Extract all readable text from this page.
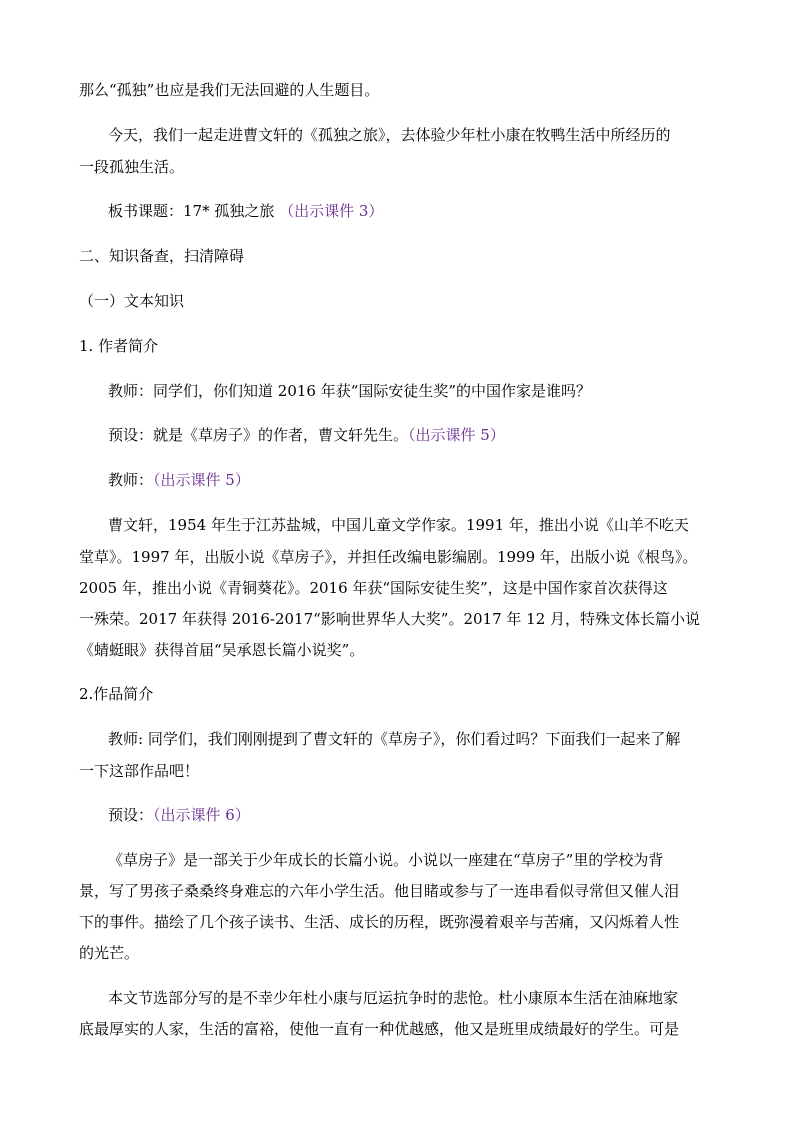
那么“孤独”也应是我们无法回避的人生题目。
今天，我们一起走进曹文轩的《孤独之旅》，去体验少年杜小康在牧鸭生活中所经历的
一段孤独生活。
板书课题：17* 孤独之旅 （出示课件 3）
二、知识备查，扫清障碍
（一）文本知识
1. 作者简介
教师：同学们，你们知道 2016 年获“国际安徒生奖”的中国作家是谁吗？
预设：就是《草房子》的作者，曹文轩先生。（出示课件 5）
教师：（出示课件 5）
曹文轩，1954 年生于江苏盐城，中国儿童文学作家。1991 年，推出小说《山羊不吃天
堂草》。1997 年，出版小说《草房子》，并担任改编电影编剧。1999 年，出版小说《根鸟》。
2005 年，推出小说《青铜葵花》。2016 年获“国际安徒生奖”，这是中国作家首次获得这
一殊荣。2017 年获得 2016-2017“影响世界华人大奖”。2017 年 12 月，特殊文体长篇小说
《蜻蜓眼》获得首届“吴承恩长篇小说奖”。
2.作品简介
教师: 同学们，我们刚刚提到了曹文轩的《草房子》，你们看过吗？下面我们一起来了解
一下这部作品吧！
预设：（出示课件 6）
《草房子》是一部关于少年成长的长篇小说。小说以一座建在“草房子”里的学校为背
景，写了男孩子桑桑终身难忘的六年小学生活。他目睹或参与了一连串看似寻常但又催人泪
下的事件。描绘了几个孩子读书、生活、成长的历程，既弥漫着艰辛与苦痛，又闪烁着人性
的光芒。
本文节选部分写的是不幸少年杜小康与厄运抗争时的悲怆。杜小康原本生活在油麻地家
底最厚实的人家，生活的富裕，使他一直有一种优越感，他又是班里成绩最好的学生。可是
